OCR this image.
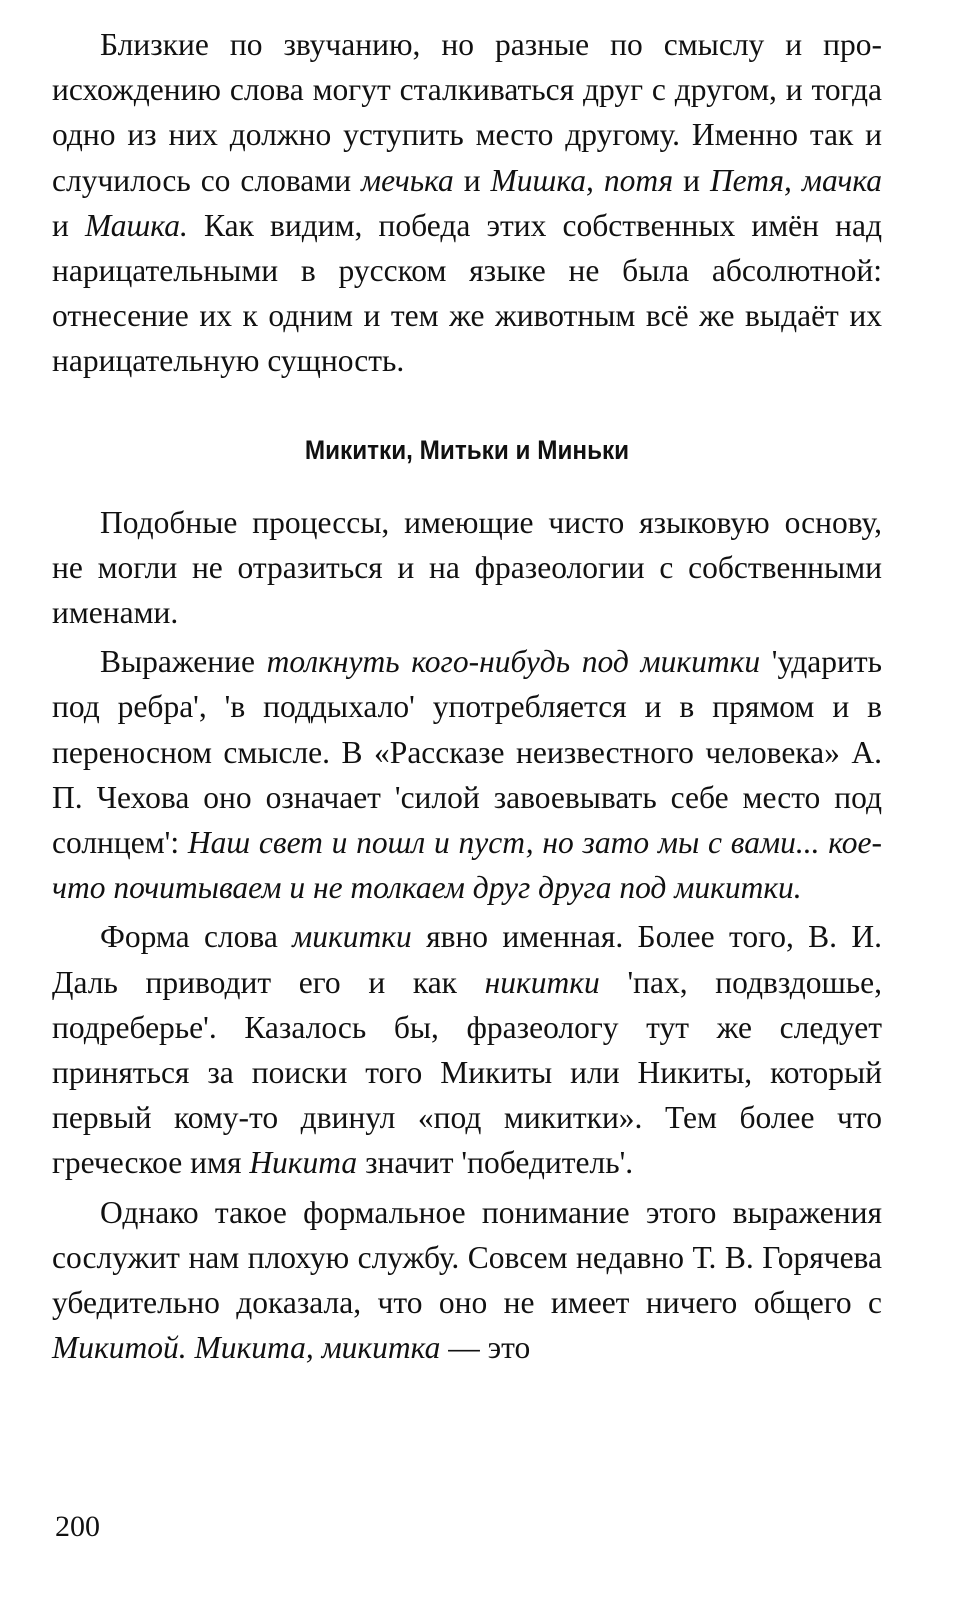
Близкие по звучанию, но разные по смыслу и происхождению слова могут сталкиваться друг с другом, и тогда одно из них должно уступить место другому. Именно так и случилось со словами мечька и Мишка, потя и Петя, мачка и Машка. Как видим, победа этих собственных имён над нарицательными в русском языке не была абсолютной: отнесение их к одним и тем же животным всё же выдаёт их нарицательную сущность.

Микитки, Митьки и Миньки

Подобные процессы, имеющие чисто языковую основу, не могли не отразиться и на фразеологии с собственными именами.

Выражение толкнуть кого-нибудь под микитки 'ударить под ребра', 'в поддыхало' употребляется и в прямом и в переносном смысле. В «Рассказе неизвестного человека» А. П. Чехова оно означает 'силой завоевывать себе место под солнцем': Наш свет и пошл и пуст, но зато мы с вами... кое-что почитываем и не толкаем друг друга под микитки.

Форма слова микитки явно именная. Более того, В. И. Даль приводит его и как никитки 'пах, подвздошье, подреберье'. Казалось бы, фразеологу тут же следует приняться за поиски того Микиты или Никиты, который первый кому-то двинул «под микитки». Тем более что греческое имя Никита значит 'победитель'.

Однако такое формальное понимание этого выражения сослужит нам плохую службу. Совсем недавно Т. В. Горячева убедительно доказала, что оно не имеет ничего общего с Микитой. Микита, микитка — это

200
